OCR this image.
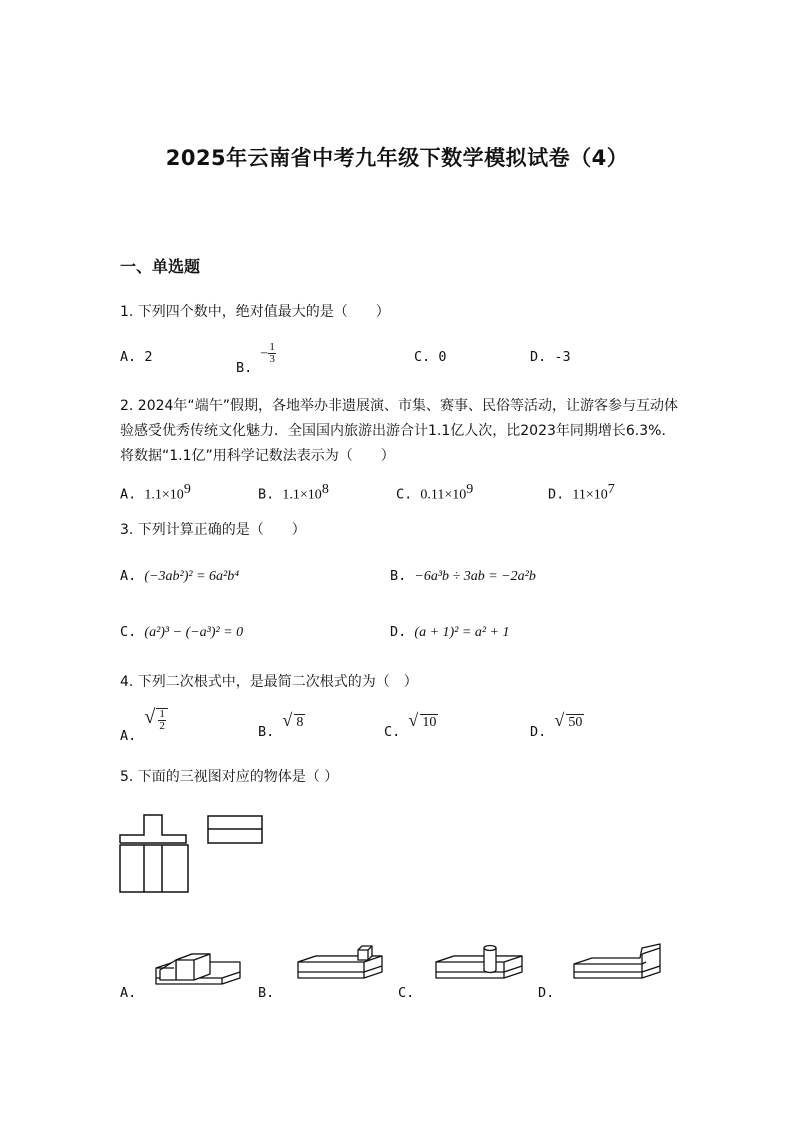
2025年云南省中考九年级下数学模拟试卷（4）
一、单选题
1. 下列四个数中，绝对值最大的是（　　）
A. 2
B. − $\frac{1}{3}$	C. 0	D. -3
2. 2024年“端午”假期，各地举办非遗展演、市集、赛事、民俗等活动，让游客参与互动体验感受优秀传统文化魅力．全国国内旅游出游合计1.1亿人次，比2023年同期增长6.3%．将数据“1.1亿”用科学记数法表示为（　　）
A. $1.1\times 10^9$	B. $1.1\times 10^8$	C. $0.11\times 10^9$	D. $11\times 10^7$
3. 下列计算正确的是（　　）
A. (−3ab²)² = 6a²b⁴	B. −6a³b ÷ 3ab = −2a²b
C. (a²)³ − (−a³)² = 0	D. (a + 1)² = a² + 1
4. 下列二次根式中，是最简二次根式的为（　）
A.
√ $\frac{1}{2}$	B.
√ 8
C.
√ 10
D.
√ 50
5. 下面的三视图对应的物体是（ ）
A.	B.	C.	D.
